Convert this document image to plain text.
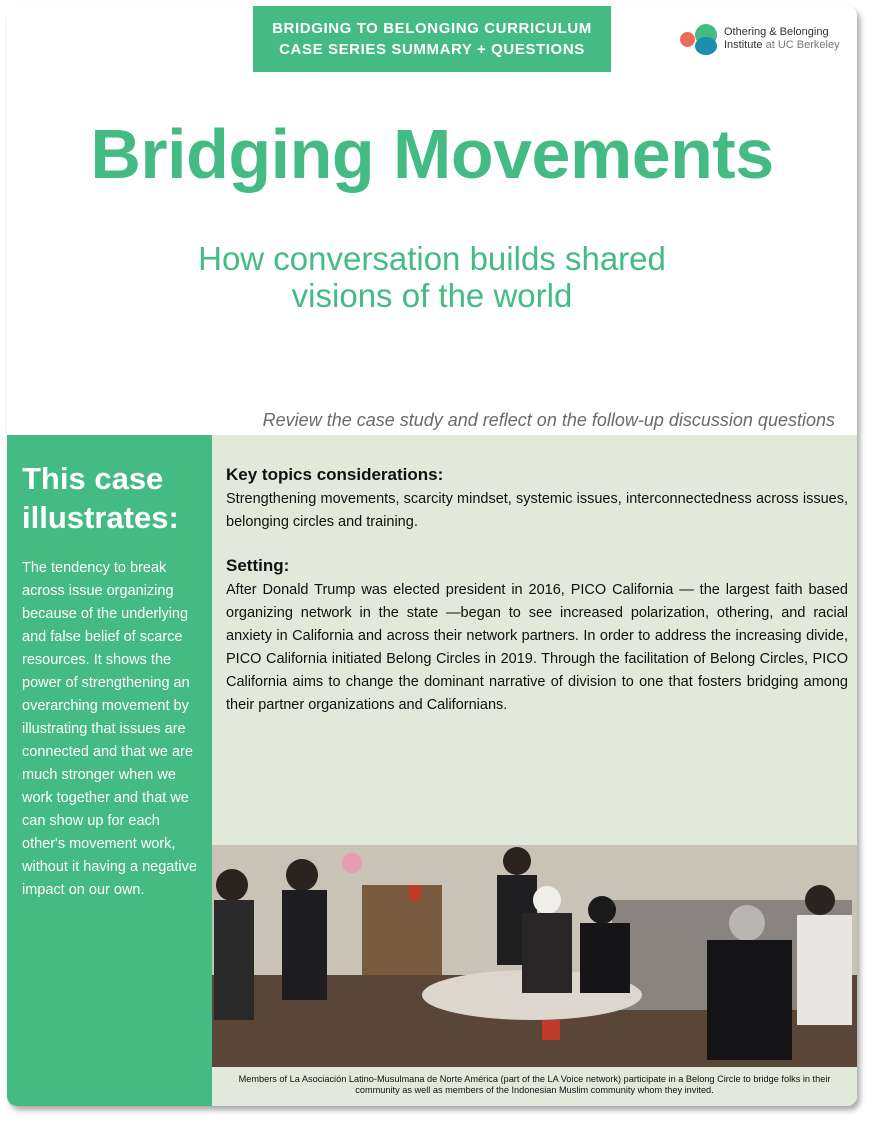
BRIDGING TO BELONGING CURRICULUM
CASE SERIES SUMMARY + QUESTIONS
Othering & Belonging
Institute at UC Berkeley
Bridging Movements
How conversation builds shared
visions of the world
Review the case study and reflect on the follow-up discussion questions
This case
illustrates:

The tendency to break across issue organizing because of the underlying and false belief of scarce resources. It shows the power of strengthening an overarching movement by illustrating that issues are connected and that we are much stronger when we work together and that we can show up for each other's movement work, without it having a negative impact on our own.

Key topics considerations:

Strengthening movements, scarcity mindset, systemic issues, interconnectedness across issues, belonging circles and training.

Setting:

After Donald Trump was elected president in 2016, PICO California — the largest faith based organizing network in the state —began to see increased polarization, othering, and racial anxiety in California and across their network partners. In order to address the increasing divide, PICO California initiated Belong Circles in 2019. Through the facilitation of Belong Circles, PICO California aims to change the dominant narrative of division to one that fosters bridging among their partner organizations and Californians.

Members of La Asociación Latino-Musulmana de Norte América (part of the LA Voice network) participate in a Belong Circle to bridge folks in their community as well as members of the Indonesian Muslim community whom they invited.
